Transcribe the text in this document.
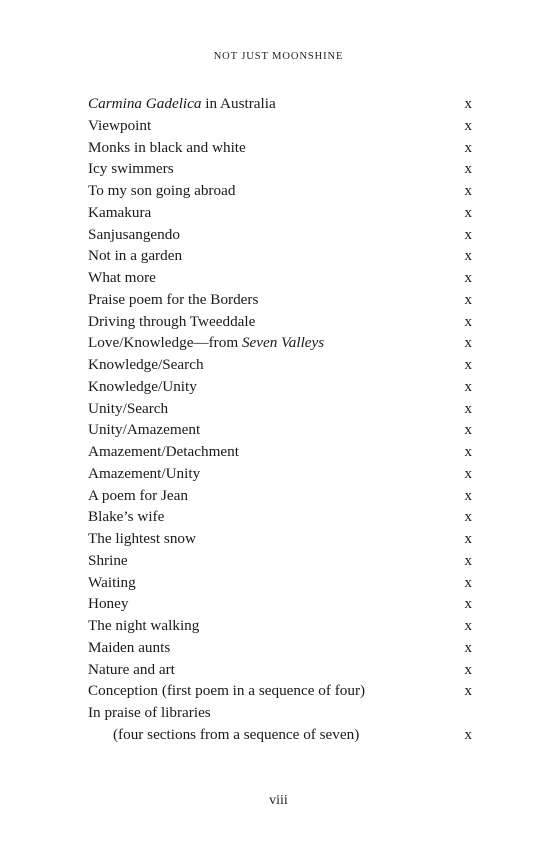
NOT JUST MOONSHINE
Carmina Gadelica in Australia	x
Viewpoint	x
Monks in black and white	x
Icy swimmers	x
To my son going abroad	x
Kamakura	x
Sanjusangendo	x
Not in a garden	x
What more	x
Praise poem for the Borders	x
Driving through Tweeddale	x
Love/Knowledge—from Seven Valleys	x
Knowledge/Search	x
Knowledge/Unity	x
Unity/Search	x
Unity/Amazement	x
Amazement/Detachment	x
Amazement/Unity	x
A poem for Jean	x
Blake’s wife	x
The lightest snow	x
Shrine	x
Waiting	x
Honey	x
The night walking	x
Maiden aunts	x
Nature and art	x
Conception (first poem in a sequence of four)	x
In praise of libraries
(four sections from a sequence of seven)	x
viii
